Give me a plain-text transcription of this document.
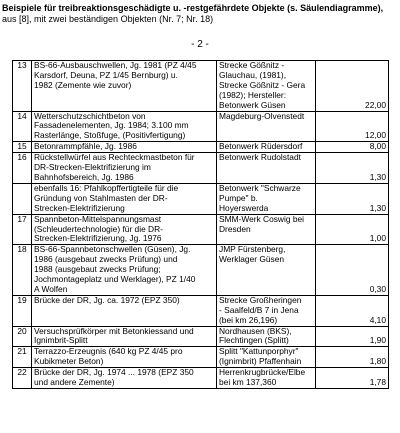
Beispiele für treibreaktionsgeschädigte u. -restgefährdete Objekte (s. Säulendiagramme), aus [8], mit zwei beständigen Objekten (Nr. 7; Nr. 18)
- 2 -
13	BS-66-Ausbauschwellen, Jg. 1981 (PZ 4/45
Karsdorf, Deuna, PZ 1/45 Bernburg) u.
1982 (Zemente wie zuvor)	Strecke Gößnitz -
Glauchau, (1981),
Strecke Gößnitz - Gera
(1982); Hersteller:
Betonwerk Güsen	22,00
14	Wetterschutzschichtbeton von
Fassadenelementen, Jg. 1984; 3.100 mm
Rasterlänge, Stoßfuge, (Positivfertigung)	Magdeburg-Olvenstedt	12,00
15	Betonrammpfähle, Jg. 1986	Betonwerk Rüdersdorf	8,00
16	Rückstellwürfel aus Rechteckmastbeton für
DR-Strecken-Elektrifizierung im
Bahnhofsbereich, Jg. 1986	Betonwerk Rudolstadt	1,30

	ebenfalls 16: Pfahlkopffertigteile für die
Gründung von Stahlmasten der DR-
Strecken-Elektrifizierung	Betonwerk "Schwarze
Pumpe" b.
Hoyerswerda	1,30
17	Spannbeton-Mittelspannungsmast
(Schleudertechnologie) für die DR-
Strecken-Elektrifizierung, Jg. 1976	SMM-Werk Coswig bei
Dresden	1,00
18	BS-66-Spannbetonschwellen (Güsen), Jg.
1986 (ausgebaut zwecks Prüfung) und
1988 (ausgebaut zwecks Prüfung;
Jochmontageplatz und Werklager), PZ 1/40
A Wolfen	JMP Fürstenberg,
Werklager Güsen	0,30
19	Brücke der DR, Jg. ca. 1972 (EPZ 350)	Strecke Großheringen
- Saalfeld/B 7 in Jena
(bei km 26,196)	4,10
20	Versuchsprüfkörper mit Betonkiessand und
Ignimbrit-Splitt	Nordhausen (BKS),
Flechtingen (Splitt)	1,90
21	Terrazzo-Erzeugnis (640 kg PZ 4/45 pro
Kubikmeter Beton)	Splitt "Kattunporphyr"
(Ignimbrit) Pfaffenhain	1,80
22	Brücke der DR, Jg. 1974 ... 1978 (EPZ 350
und andere Zemente)	Herrenkrugbrücke/Elbe
bei km 137,360	1,78
